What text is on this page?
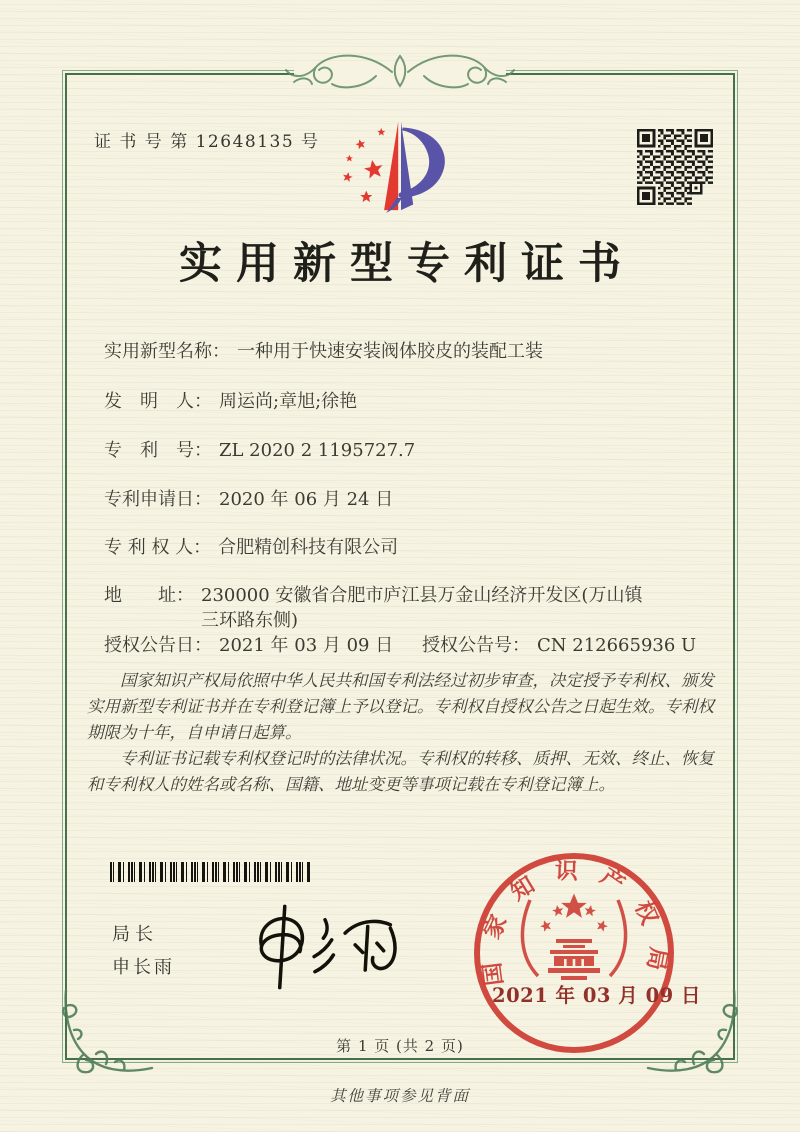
证 书 号 第 12648135 号
实用新型专利证书
实用新型名称： 一种用于快速安装阀体胶皮的装配工装
发　明　人： 周运尚;章旭;徐艳
专　利　号： ZL 2020 2 1195727.7
专利申请日： 2020 年 06 月 24 日
专 利 权 人： 合肥精创科技有限公司
地　　址： 230000 安徽省合肥市庐江县万金山经济开发区(万山镇三环路东侧)
授权公告日： 2021 年 03 月 09 日 授权公告号： CN 212665936 U

国家知识产权局依照中华人民共和国专利法经过初步审查，决定授予专利权、颁发实用新型专利证书并在专利登记簿上予以登记。专利权自授权公告之日起生效。专利权期限为十年，自申请日起算。

专利证书记载专利权登记时的法律状况。专利权的转移、质押、无效、终止、恢复和专利权人的姓名或名称、国籍、地址变更等事项记载在专利登记簿上。

局长
申长雨	国家知识产权局
2021 年 03 月 09 日
第 1 页 (共 2 页)
其他事项参见背面
